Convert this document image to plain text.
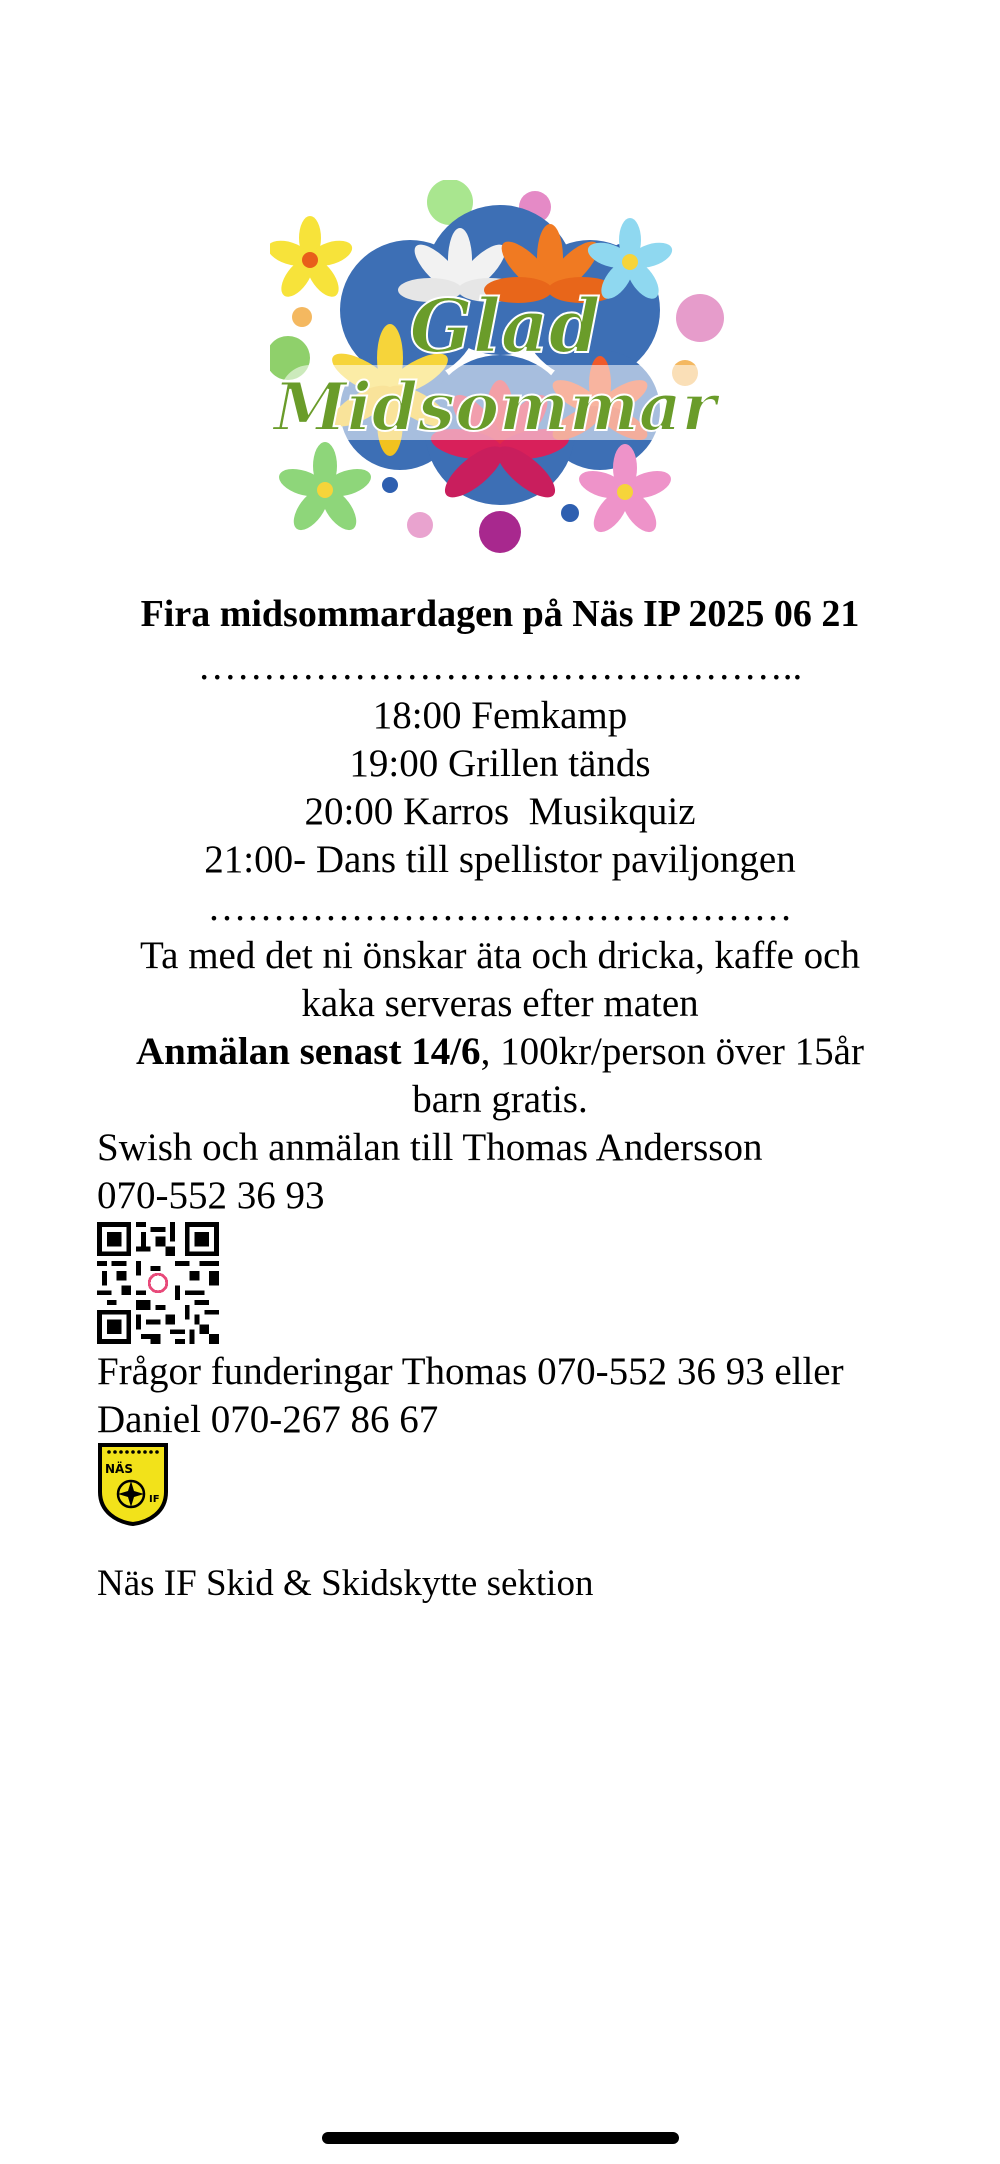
Glad
Midsommar
Fira midsommardagen på Näs IP 2025 06 21
………………………………………..
18:00 Femkamp
19:00 Grillen tänds
20:00 Karros  Musikquiz
21:00- Dans till spellistor paviljongen
………………………………………
Ta med det ni önskar äta och dricka, kaffe och
kaka serveras efter maten
Anmälan senast 14/6, 100kr/person över 15år
barn gratis.
Swish och anmälan till Thomas Andersson
070-552 36 93
Frågor funderingar Thomas 070-552 36 93 eller
Daniel 070-267 86 67
NÄS
IF
Näs IF Skid & Skidskytte sektion
